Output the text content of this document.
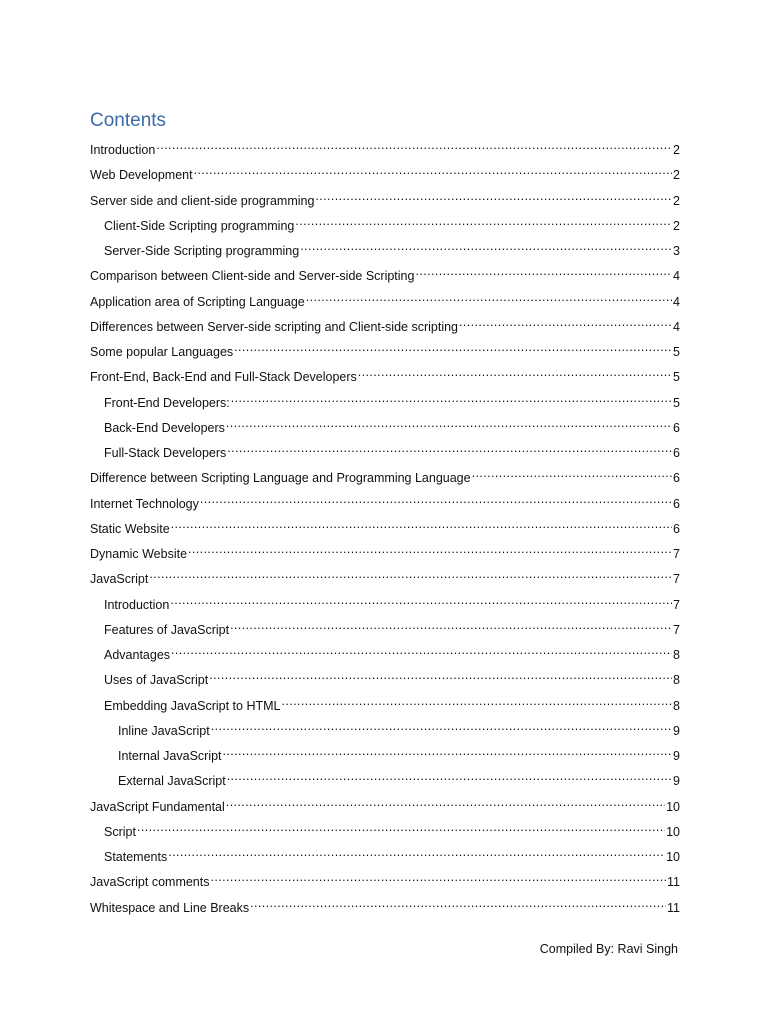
Contents
Introduction .....	2
Web Development .....	2
Server side and client-side programming .....	2
Client-Side Scripting programming .....	2
Server-Side Scripting programming .....	3
Comparison between Client-side and Server-side Scripting .....	4
Application area of Scripting Language .....	4
Differences between Server-side scripting and Client-side scripting .....	4
Some popular Languages .....	5
Front-End, Back-End and Full-Stack Developers .....	5
Front-End Developers: .....	5
Back-End Developers .....	6
Full-Stack Developers .....	6
Difference between Scripting Language and Programming Language .....	6
Internet Technology .....	6
Static Website .....	6
Dynamic Website .....	7
JavaScript .....	7
Introduction .....	7
Features of JavaScript .....	7
Advantages .....	8
Uses of JavaScript .....	8
Embedding JavaScript to HTML .....	8
Inline JavaScript .....	9
Internal JavaScript .....	9
External JavaScript .....	9
JavaScript Fundamental .....	10
Script .....	10
Statements .....	10
JavaScript comments .....	11
Whitespace and Line Breaks .....	11
Compiled By: Ravi Singh
